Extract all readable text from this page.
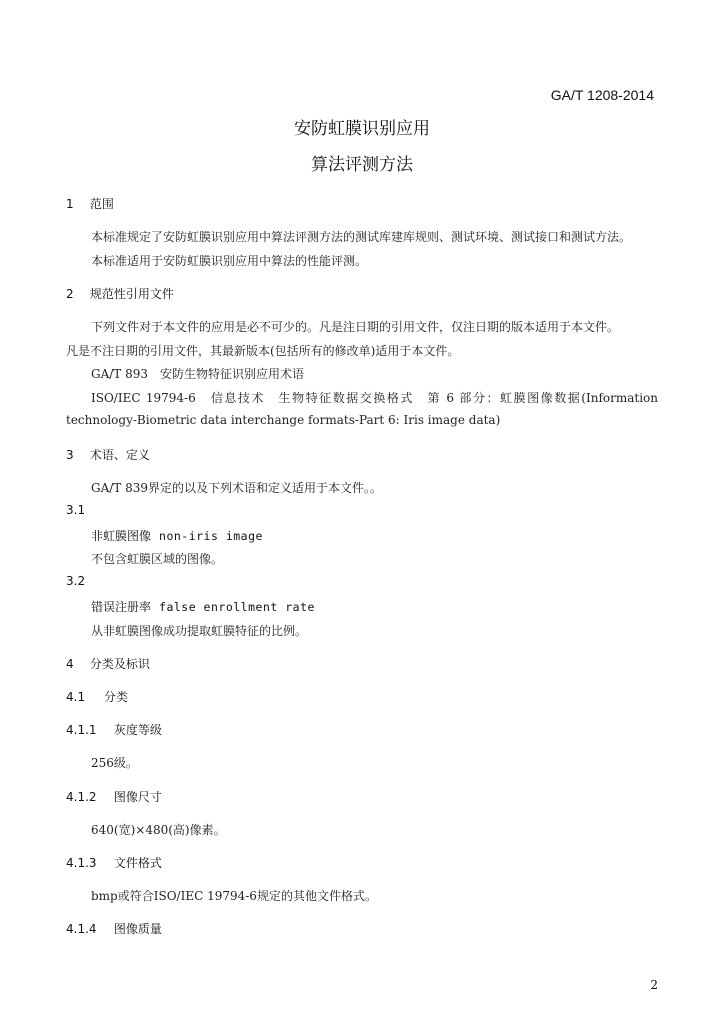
GA/T 1208-2014
安防虹膜识别应用
算法评测方法
1 范围
本标准规定了安防虹膜识别应用中算法评测方法的测试库建库规则、测试环境、测试接口和测试方法。
本标准适用于安防虹膜识别应用中算法的性能评测。
2 规范性引用文件
下列文件对于本文件的应用是必不可少的。凡是注日期的引用文件，仅注日期的版本适用于本文件。
凡是不注日期的引用文件，其最新版本(包括所有的修改单)适用于本文件。
GA/T 893　安防生物特征识别应用术语
ISO/IEC 19794-6　信息技术　生物特征数据交换格式　第 6 部分：虹膜图像数据(Information
technology-Biometric data interchange formats-Part 6: Iris image data)
3 术语、定义
GA/T 839界定的以及下列术语和定义适用于本文件。。
3.1
非虹膜图像 non-iris image
不包含虹膜区域的图像。
3.2
错误注册率 false enrollment rate
从非虹膜图像成功提取虹膜特征的比例。
4 分类及标识
4.1 分类
4.1.1 灰度等级
256级。
4.1.2 图像尺寸
640(宽)×480(高)像素。
4.1.3 文件格式
bmp或符合ISO/IEC 19794-6规定的其他文件格式。
4.1.4 图像质量
2
